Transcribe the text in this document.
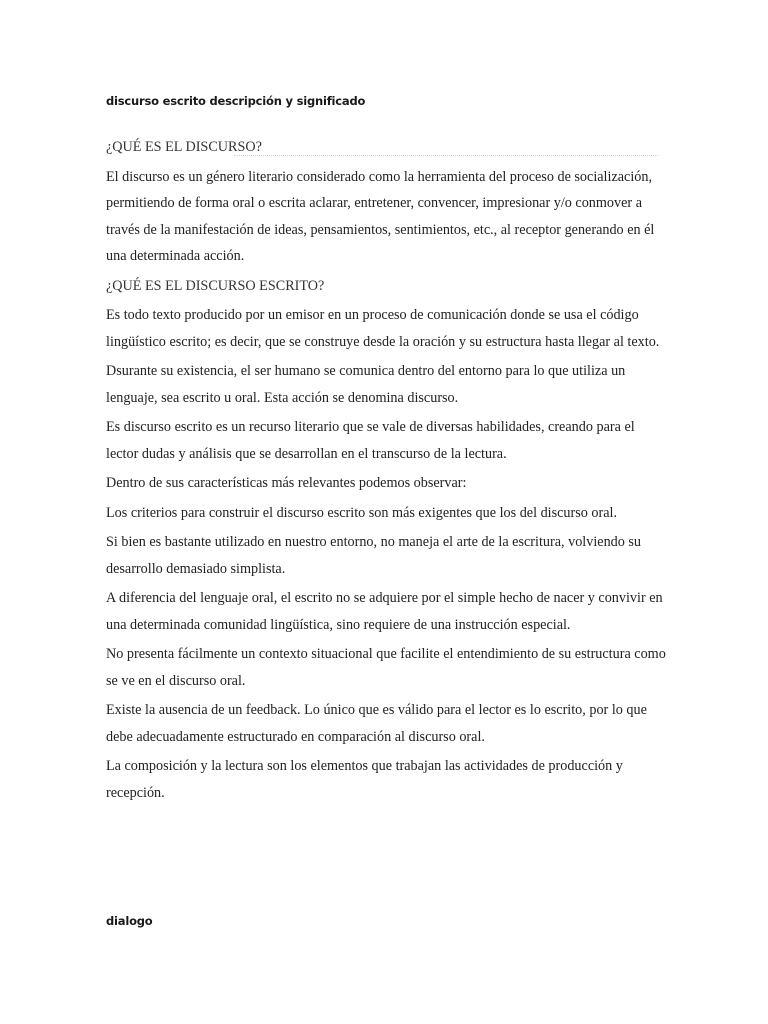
discurso escrito descripción y significado

¿QUÉ ES EL DISCURSO?

El discurso es un género literario considerado como la herramienta del proceso de socialización, permitiendo de forma oral o escrita aclarar, entretener, convencer, impresionar y/o conmover a través de la manifestación de ideas, pensamientos, sentimientos, etc., al receptor generando en él una determinada acción.

¿QUÉ ES EL DISCURSO ESCRITO?

Es todo texto producido por un emisor en un proceso de comunicación donde se usa el código lingüístico escrito; es decir, que se construye desde la oración y su estructura hasta llegar al texto.

Dsurante su existencia, el ser humano se comunica dentro del entorno para lo que utiliza un lenguaje, sea escrito u oral. Esta acción se denomina discurso.

Es discurso escrito es un recurso literario que se vale de diversas habilidades, creando para el lector dudas y análisis que se desarrollan en el transcurso de la lectura.

Dentro de sus características más relevantes podemos observar:

Los criterios para construir el discurso escrito son más exigentes que los del discurso oral.

Si bien es bastante utilizado en nuestro entorno, no maneja el arte de la escritura, volviendo su desarrollo demasiado simplista.

A diferencia del lenguaje oral, el escrito no se adquiere por el simple hecho de nacer y convivir en una determinada comunidad lingüística, sino requiere de una instrucción especial.

No presenta fácilmente un contexto situacional que facilite el entendimiento de su estructura como se ve en el discurso oral.

Existe la ausencia de un feedback. Lo único que es válido para el lector es lo escrito, por lo que debe adecuadamente estructurado en comparación al discurso oral.

La composición y la lectura son los elementos que trabajan las actividades de producción y recepción.

dialogo
